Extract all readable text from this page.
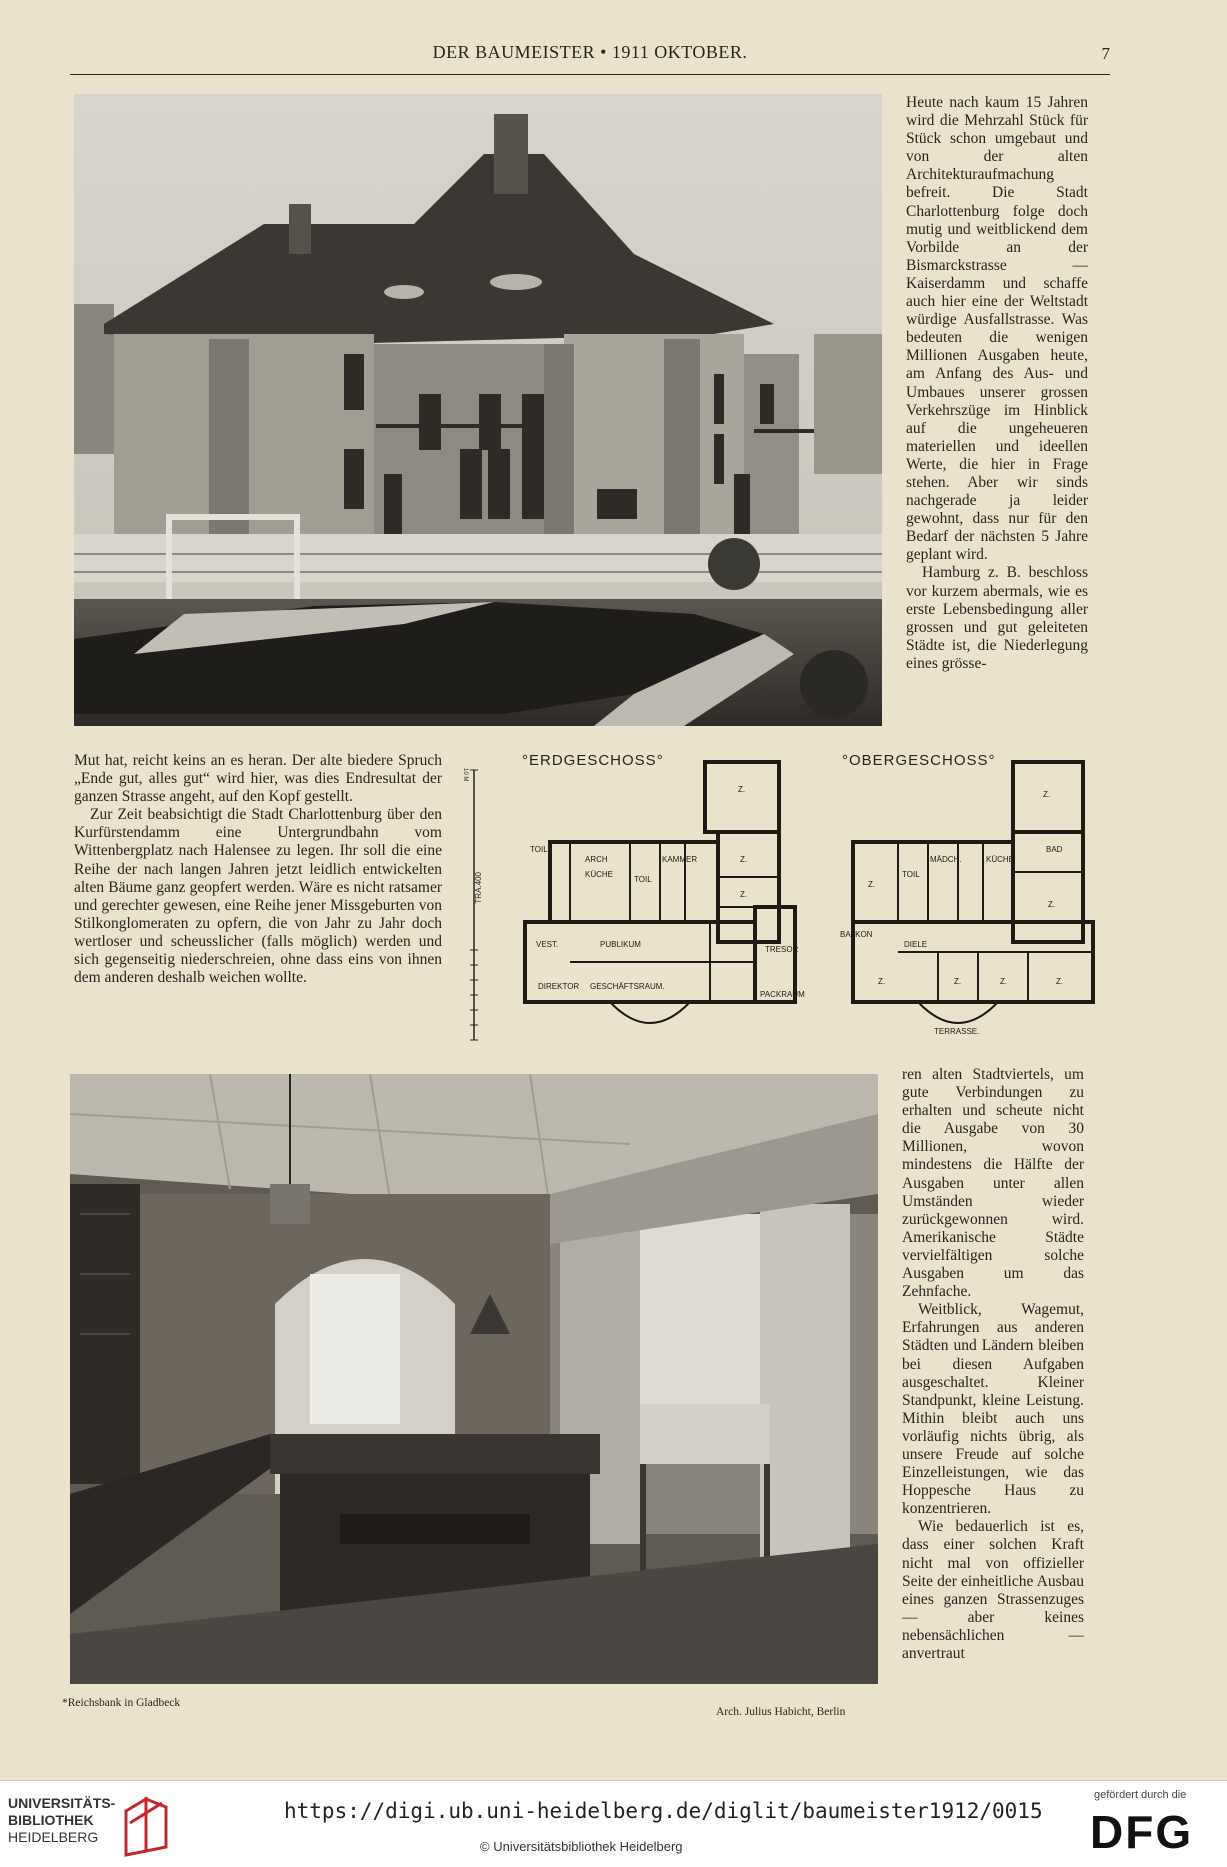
DER BAUMEISTER • 1911 OKTOBER.	7

Heute nach kaum 15 Jahren wird die Mehrzahl Stück für Stück schon umgebaut und von der alten Architekturaufmachung befreit. Die Stadt Charlottenburg folge doch mutig und weitblickend dem Vorbilde an der Bismarckstrasse — Kaiserdamm und schaffe auch hier eine der Weltstadt würdige Ausfallstrasse. Was bedeuten die wenigen Millionen Ausgaben heute, am Anfang des Aus- und Umbaues unserer grossen Verkehrszüge im Hinblick auf die ungeheueren materiellen und ideellen Werte, die hier in Frage stehen. Aber wir sinds nachgerade ja leider gewohnt, dass nur für den Bedarf der nächsten 5 Jahre geplant wird.

Hamburg z. B. beschloss vor kurzem abermals, wie es erste Lebensbedingung aller grossen und gut geleiteten Städte ist, die Niederlegung eines grösse-

Mut hat, reicht keins an es heran. Der alte biedere Spruch „Ende gut, alles gut“ wird hier, was dies Endresultat der ganzen Strasse angeht, auf den Kopf gestellt.

Zur Zeit beabsichtigt die Stadt Charlottenburg über den Kurfürstendamm eine Untergrundbahn vom Wittenbergplatz nach Halensee zu legen. Ihr soll die eine Reihe der nach langen Jahren jetzt leidlich entwickelten alten Bäume ganz geopfert werden. Wäre es nicht ratsamer und gerechter gewesen, eine Reihe jener Missgeburten von Stilkonglomeraten zu opfern, die von Jahr zu Jahr doch wertloser und scheusslicher (falls möglich) werden und sich gegenseitig niederschreien, ohne dass eins von ihnen dem anderen deshalb weichen wollte.

10 M
TRA.400
°ERDGESCHOSS°
Z.
Z.
Z.
TOIL
ARCH
KÜCHE
TOIL
KAMMER
VEST.	PUBLIKUM
TRESOR
DIREKTOR GESCHÄFTSRAUM.
PACKRAUM
°OBERGESCHOSS°
Z.
BAD
Z.
TOIL
MÄDCH.	KÜCHE
Z.
BALKON
DIELE
Z.	Z.	Z.	Z.
TERRASSE.

ren alten Stadtviertels, um gute Verbindungen zu erhalten und scheute nicht die Ausgabe von 30 Millionen, wovon mindestens die Hälfte der Ausgaben unter allen Umständen wieder zurückgewonnen wird. Amerikanische Städte vervielfältigen solche Ausgaben um das Zehnfache.

Weitblick, Wagemut, Erfahrungen aus anderen Städten und Ländern bleiben bei diesen Aufgaben ausgeschaltet. Kleiner Standpunkt, kleine Leistung. Mithin bleibt auch uns vorläufig nichts übrig, als unsere Freude auf solche Einzelleistungen, wie das Hoppesche Haus zu konzentrieren.

Wie bedauerlich ist es, dass einer solchen Kraft nicht mal von offizieller Seite der einheitliche Ausbau eines ganzen Strassenzuges — aber keines nebensächlichen — anvertraut

*Reichsbank in Gladbeck
Arch. Julius Habicht, Berlin
UNIVERSITÄTS-
BIBLIOTHEK
HEIDELBERG
https://digi.ub.uni-heidelberg.de/diglit/baumeister1912/0015
© Universitätsbibliothek Heidelberg
gefördert durch die
DFG
